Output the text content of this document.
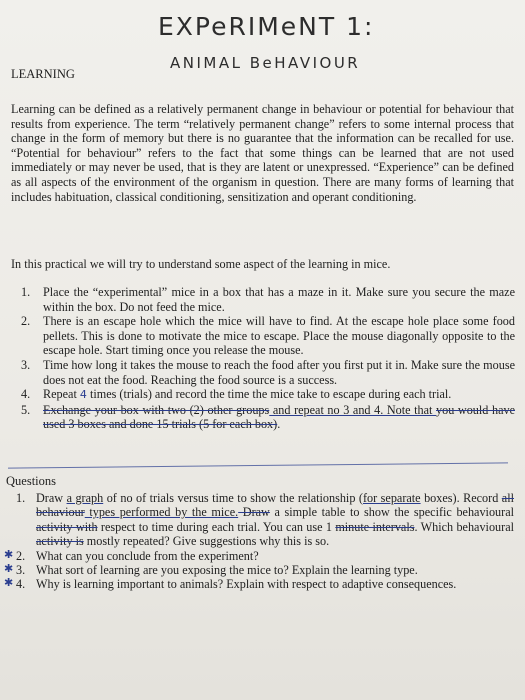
EXPeRIMeNT 1:
ANIMAL BeHAVIOUR
LEARNING

Learning can be defined as a relatively permanent change in behaviour or potential for behaviour that results from experience. The term “relatively permanent change” refers to some internal process that change in the form of memory but there is no guarantee that the information can be recalled for use. “Potential for behaviour” refers to the fact that some things can be learned that are not used immediately or may never be used, that is they are latent or unexpressed. “Experience” can be defined as all aspects of the environment of the organism in question. There are many forms of learning that includes habituation, classical conditioning, sensitization and operant conditioning.

In this practical we will try to understand some aspect of the learning in mice.

1. Place the “experimental” mice in a box that has a maze in it. Make sure you secure the maze within the box. Do not feed the mice.
2. There is an escape hole which the mice will have to find. At the escape hole place some food pellets. This is done to motivate the mice to escape. Place the mouse diagonally opposite to the escape hole. Start timing once you release the mouse.
3. Time how long it takes the mouse to reach the food after you first put it in. Make sure the mouse does not eat the food. Reaching the food source is a success.
4. Repeat 4 times (trials) and record the time the mice take to escape during each trial.
5. Exchange your box with two (2) other groups and repeat no 3 and 4. Note that you would have used 3 boxes and done 15 trials (5 for each box).
Questions
1. Draw a graph of no of trials versus time to show the relationship (for separate boxes). Record all behaviour types performed by the mice. Draw a simple table to show the specific behavioural activity with respect to time during each trial. You can use 1 minute intervals. Which behavioural activity is mostly repeated? Give suggestions why this is so.
✱ 2. What can you conclude from the experiment?
✱ 3. What sort of learning are you exposing the mice to? Explain the learning type.
✱ 4. Why is learning important to animals? Explain with respect to adaptive consequences.
